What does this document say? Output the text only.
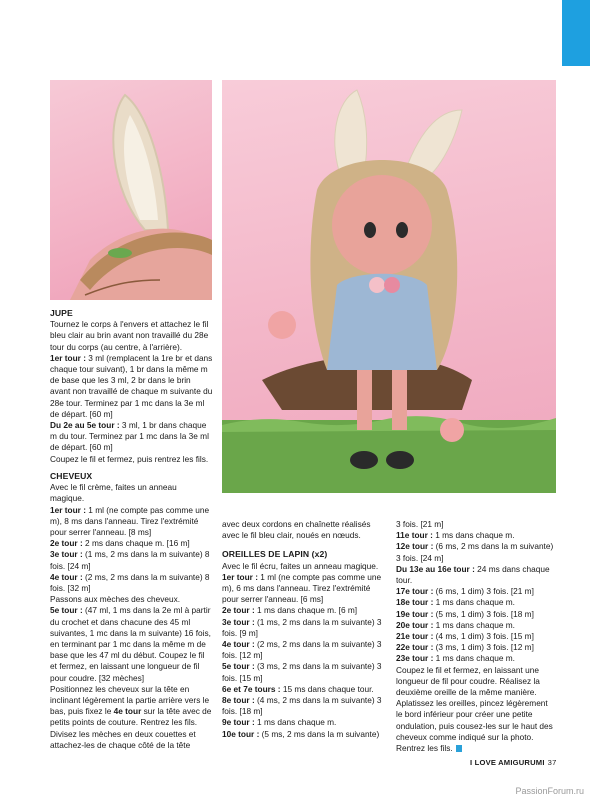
JUPE

Tournez le corps à l'envers et attachez le fil bleu clair au brin avant non travaillé du 28e tour du corps (au centre, à l'arrière).

1er tour : 3 ml (remplacent la 1re br et dans chaque tour suivant), 1 br dans la même m de base que les 3 ml, 2 br dans le brin avant non travaillé de chaque m suivante du 28e tour. Terminez par 1 mc dans la 3e ml de départ. [60 m]

Du 2e au 5e tour : 3 ml, 1 br dans chaque m du tour. Terminez par 1 mc dans la 3e ml de départ. [60 m]

Coupez le fil et fermez, puis rentrez les fils.

CHEVEUX

Avec le fil crème, faites un anneau magique.

1er tour : 1 ml (ne compte pas comme une m), 8 ms dans l'anneau. Tirez l'extrémité pour serrer l'anneau. [8 ms]

2e tour : 2 ms dans chaque m. [16 m]

3e tour : (1 ms, 2 ms dans la m suivante) 8 fois. [24 m]

4e tour : (2 ms, 2 ms dans la m suivante) 8 fois. [32 m]

Passons aux mèches des cheveux.

5e tour : (47 ml, 1 ms dans la 2e ml à partir du crochet et dans chacune des 45 ml suivantes, 1 mc dans la m suivante) 16 fois, en terminant par 1 mc dans la même m de base que les 47 ml du début. Coupez le fil et fermez, en laissant une longueur de fil pour coudre. [32 mèches]

Positionnez les cheveux sur la tête en inclinant légèrement la partie arrière vers le bas, puis fixez le 4e tour sur la tête avec de petits points de couture. Rentrez les fils. Divisez les mèches en deux couettes et attachez-les de chaque côté de la tête

avec deux cordons en chaînette réalisés avec le fil bleu clair, noués en nœuds.

OREILLES DE LAPIN (x2)

Avec le fil écru, faites un anneau magique.

1er tour : 1 ml (ne compte pas comme une m), 6 ms dans l'anneau. Tirez l'extrémité pour serrer l'anneau. [6 ms]

2e tour : 1 ms dans chaque m. [6 m]

3e tour : (1 ms, 2 ms dans la m suivante) 3 fois. [9 m]

4e tour : (2 ms, 2 ms dans la m suivante) 3 fois. [12 m]

5e tour : (3 ms, 2 ms dans la m suivante) 3 fois. [15 m]

6e et 7e tours : 15 ms dans chaque tour.

8e tour : (4 ms, 2 ms dans la m suivante) 3 fois. [18 m]

9e tour : 1 ms dans chaque m.

10e tour : (5 ms, 2 ms dans la m suivante)

3 fois. [21 m]

11e tour : 1 ms dans chaque m.

12e tour : (6 ms, 2 ms dans la m suivante) 3 fois. [24 m]

Du 13e au 16e tour : 24 ms dans chaque tour.

17e tour : (6 ms, 1 dim) 3 fois. [21 m]

18e tour : 1 ms dans chaque m.

19e tour : (5 ms, 1 dim) 3 fois. [18 m]

20e tour : 1 ms dans chaque m.

21e tour : (4 ms, 1 dim) 3 fois. [15 m]

22e tour : (3 ms, 1 dim) 3 fois. [12 m]

23e tour : 1 ms dans chaque m.

Coupez le fil et fermez, en laissant une longueur de fil pour coudre. Réalisez la deuxième oreille de la même manière. Aplatissez les oreilles, pincez légèrement le bord inférieur pour créer une petite ondulation, puis cousez-les sur le haut des cheveux comme indiqué sur la photo. Rentrez les fils.

I LOVE AMIGURUMI 37
PassionForum.ru
